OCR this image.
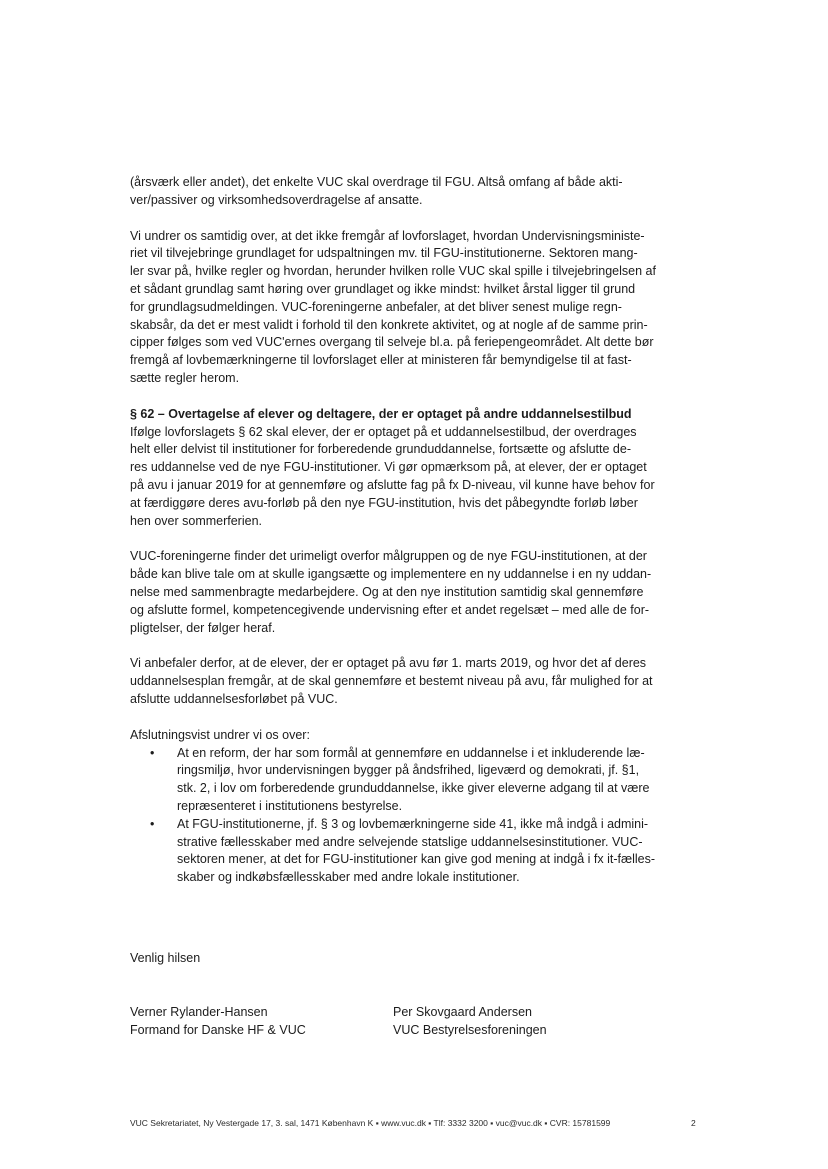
(årsværk eller andet), det enkelte VUC skal overdrage til FGU. Altså omfang af både akti-
ver/passiver og virksomhedsoverdragelse af ansatte.

Vi undrer os samtidig over, at det ikke fremgår af lovforslaget, hvordan Undervisningsministe-
riet vil tilvejebringe grundlaget for udspaltningen mv. til FGU-institutionerne. Sektoren mang-
ler svar på, hvilke regler og hvordan, herunder hvilken rolle VUC skal spille i tilvejebringelsen af
et sådant grundlag samt høring over grundlaget og ikke mindst: hvilket årstal ligger til grund
for grundlagsudmeldingen. VUC-foreningerne anbefaler, at det bliver senest mulige regn-
skabsår, da det er mest validt i forhold til den konkrete aktivitet, og at nogle af de samme prin-
cipper følges som ved VUC'ernes overgang til selveje bl.a. på feriepengeområdet. Alt dette bør
fremgå af lovbemærkningerne til lovforslaget eller at ministeren får bemyndigelse til at fast-
sætte regler herom.

§ 62 – Overtagelse af elever og deltagere, der er optaget på andre uddannelsestilbud
Ifølge lovforslagets § 62 skal elever, der er optaget på et uddannelsestilbud, der overdrages
helt eller delvist til institutioner for forberedende grunduddannelse, fortsætte og afslutte de-
res uddannelse ved de nye FGU-institutioner. Vi gør opmærksom på, at elever, der er optaget
på avu i januar 2019 for at gennemføre og afslutte fag på fx D-niveau, vil kunne have behov for
at færdiggøre deres avu-forløb på den nye FGU-institution, hvis det påbegyndte forløb løber
hen over sommerferien.

VUC-foreningerne finder det urimeligt overfor målgruppen og de nye FGU-institutionen, at der
både kan blive tale om at skulle igangsætte og implementere en ny uddannelse i en ny uddan-
nelse med sammenbragte medarbejdere. Og at den nye institution samtidig skal gennemføre
og afslutte formel, kompetencegivende undervisning efter et andet regelsæt – med alle de for-
pligtelser, der følger heraf.

Vi anbefaler derfor, at de elever, der er optaget på avu før 1. marts 2019, og hvor det af deres
uddannelsesplan fremgår, at de skal gennemføre et bestemt niveau på avu, får mulighed for at
afslutte uddannelsesforløbet på VUC.

Afslutningsvist undrer vi os over:
• At en reform, der har som formål at gennemføre en uddannelse i et inkluderende læ-
ringsmiljø, hvor undervisningen bygger på åndsfrihed, ligeværd og demokrati, jf. §1,
stk. 2, i lov om forberedende grunduddannelse, ikke giver eleverne adgang til at være
repræsenteret i institutionens bestyrelse.
• At FGU-institutionerne, jf. § 3 og lovbemærkningerne side 41, ikke må indgå i admini-
strative fællesskaber med andre selvejende statslige uddannelsesinstitutioner. VUC-
sektoren mener, at det for FGU-institutioner kan give god mening at indgå i fx it-fælles-
skaber og indkøbsfællesskaber med andre lokale institutioner.
Venlig hilsen
Verner Rylander-Hansen
Formand for Danske HF & VUC
Per Skovgaard Andersen
VUC Bestyrelsesforeningen
VUC Sekretariatet, Ny Vestergade 17, 3. sal, 1471 København K ▪ www.vuc.dk ▪ Tlf: 3332 3200 ▪ vuc@vuc.dk ▪ CVR: 15781599	2
